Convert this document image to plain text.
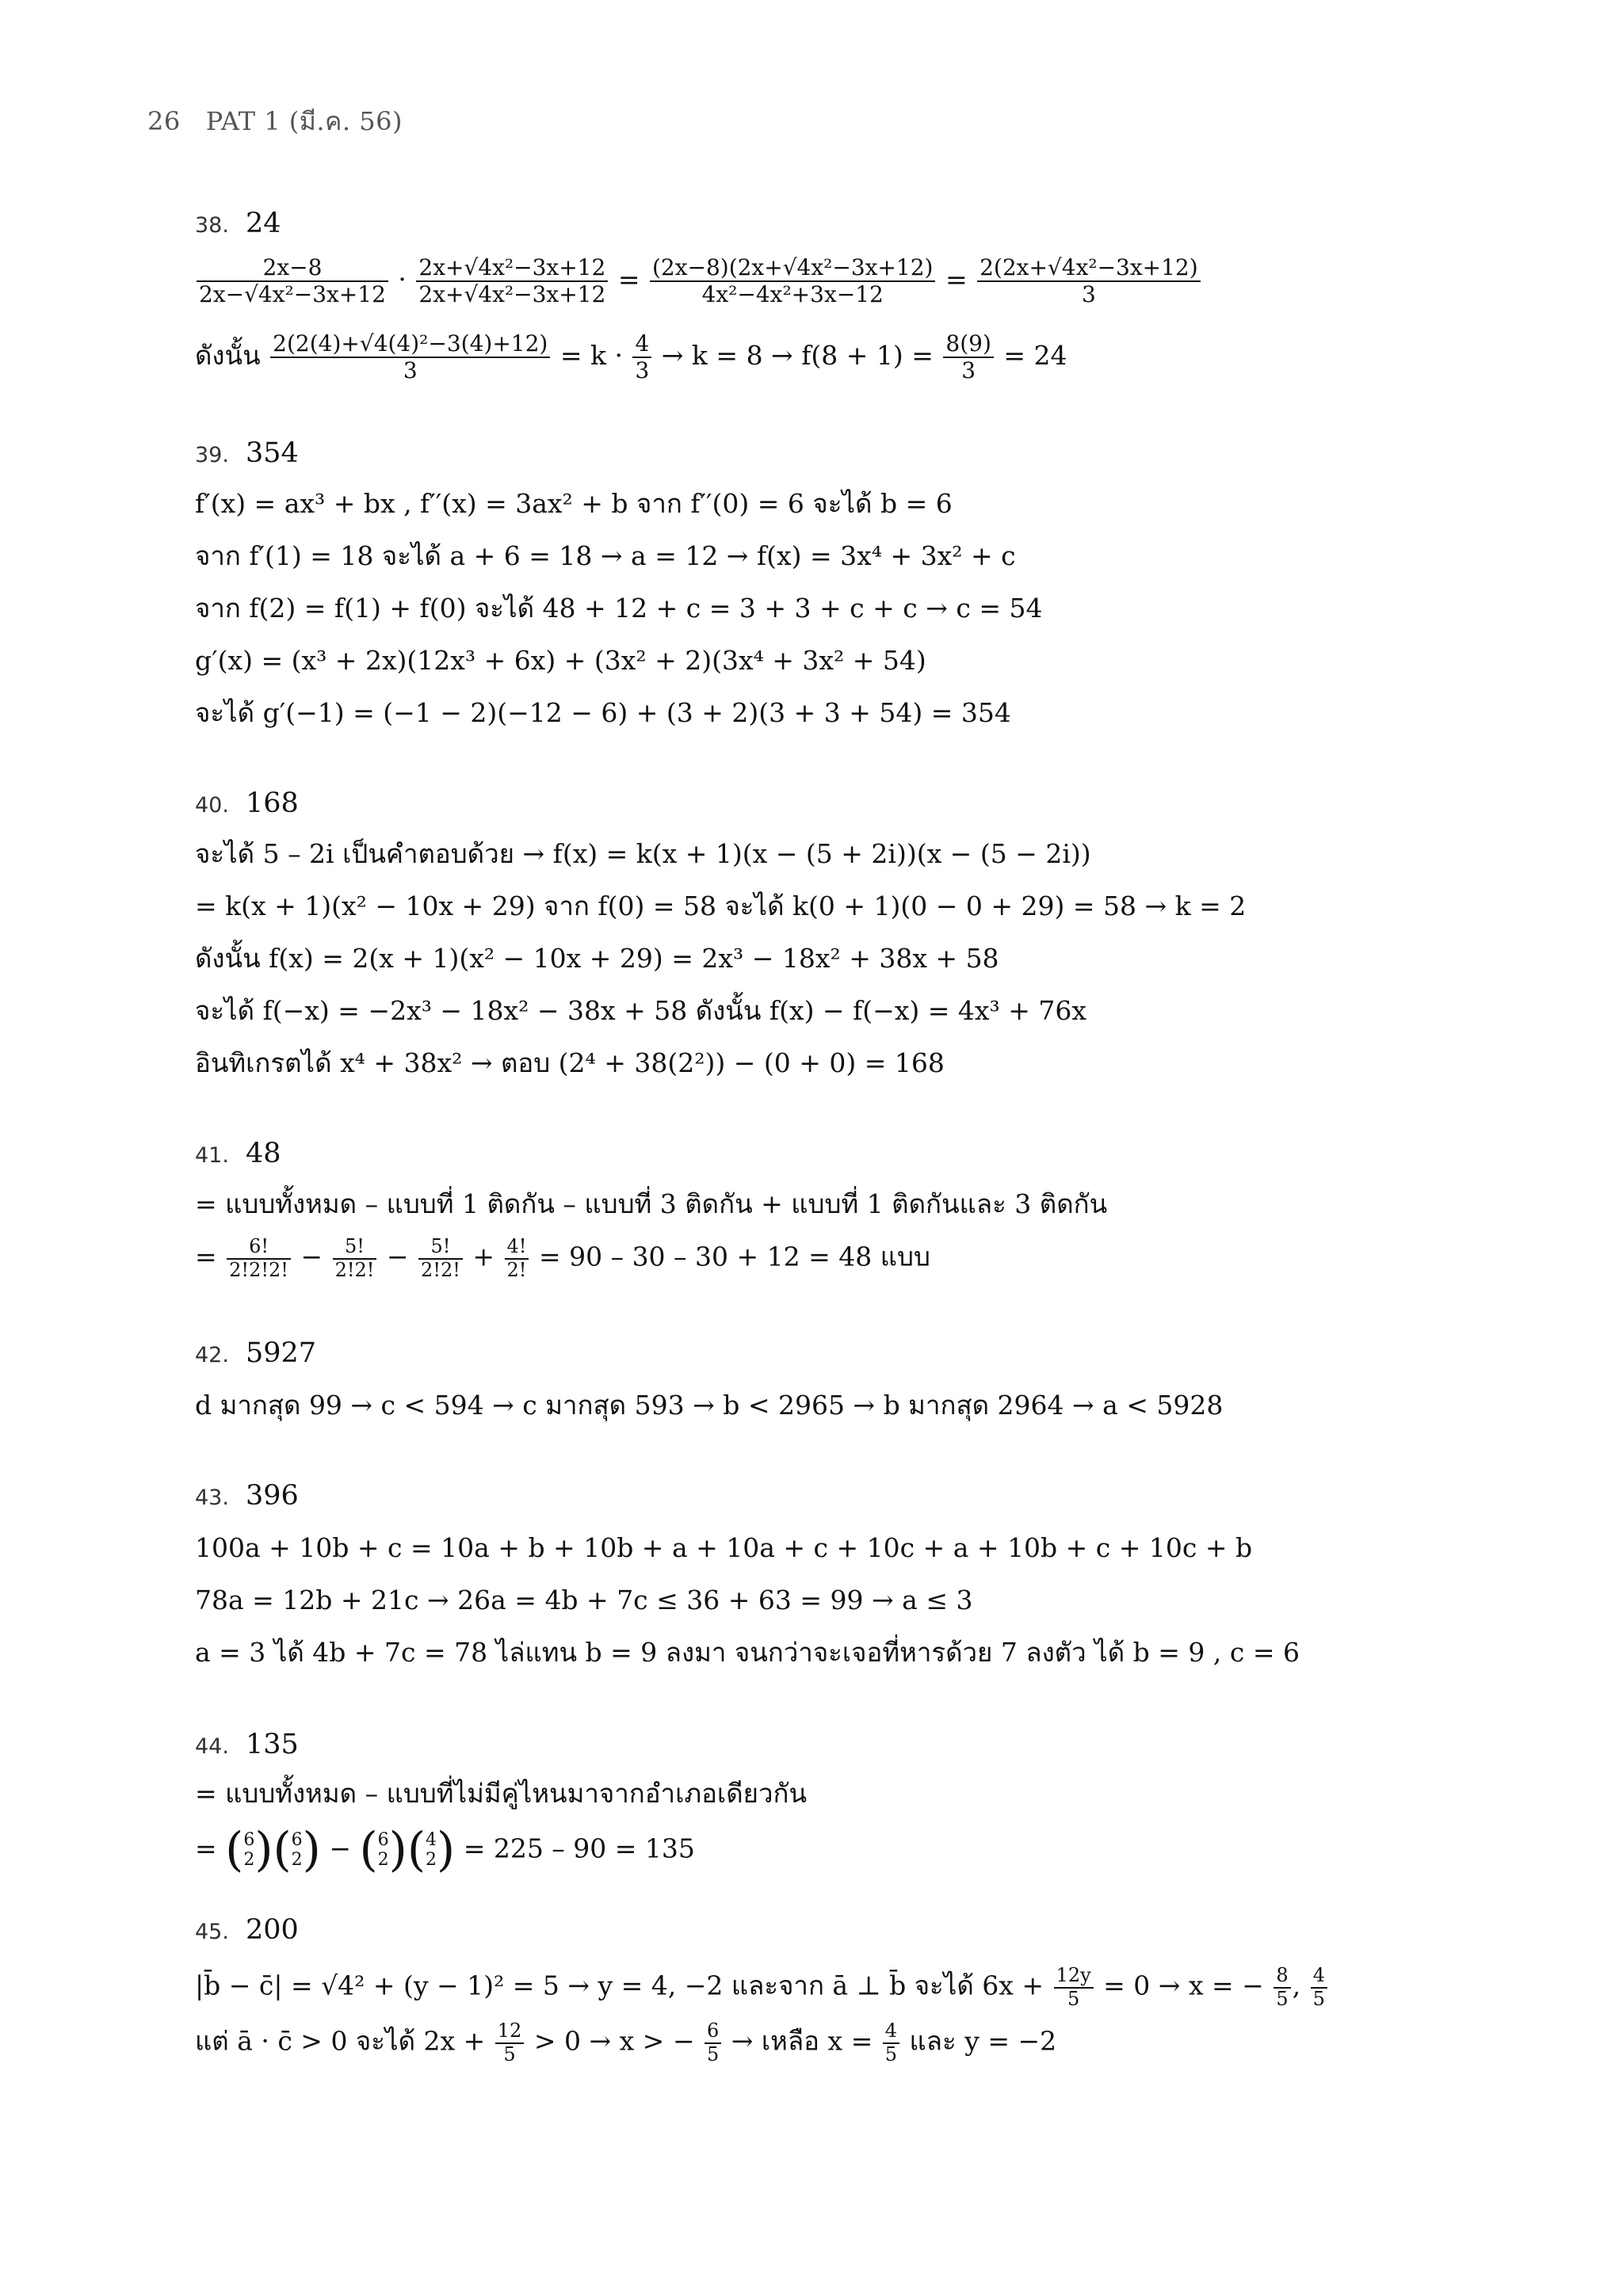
26 PAT 1 (มี.ค. 56)
38. 24
$\frac{2x-8}{\text{2x−√4x²−3x+12}} \cdot \frac{\text{2x+√4x²−3x+12}}{\text{2x+√4x²−3x+12}} = \frac{\text{(2x−8)(2x+√4x²−3x+12)}}{\text{4x²−4x²+3x−12}} = \frac{\text{2(2x+√4x²−3x+12)}}{3}$
ดังนั้น $\frac{\text{2(2(4)+√4(4)²−3(4)+12)}}{3} = k \cdot \frac{4}{3} \to k = 8 \to f(8 + 1) = \frac{8(9)}{3} = 24$
39. 354
f′(x) = ax³ + bx , f′′(x) = 3ax² + b จาก f′′(0) = 6 จะได้ b = 6
จาก f′(1) = 18 จะได้ a + 6 = 18 → a = 12 → f(x) = 3x⁴ + 3x² + c
จาก f(2) = f(1) + f(0) จะได้ 48 + 12 + c = 3 + 3 + c + c → c = 54
g′(x) = (x³ + 2x)(12x³ + 6x) + (3x² + 2)(3x⁴ + 3x² + 54)
จะได้ g′(−1) = (−1 − 2)(−12 − 6) + (3 + 2)(3 + 3 + 54) = 354
40. 168
จะได้ 5 – 2i เป็นคำตอบด้วย → f(x) = k(x + 1)(x − (5 + 2i))(x − (5 − 2i))
= k(x + 1)(x² − 10x + 29) จาก f(0) = 58 จะได้ k(0 + 1)(0 − 0 + 29) = 58 → k = 2
ดังนั้น f(x) = 2(x + 1)(x² − 10x + 29) = 2x³ − 18x² + 38x + 58
จะได้ f(−x) = −2x³ − 18x² − 38x + 58 ดังนั้น f(x) − f(−x) = 4x³ + 76x
อินทิเกรตได้ x⁴ + 38x² → ตอบ (2⁴ + 38(2²)) − (0 + 0) = 168
41. 48
= แบบทั้งหมด – แบบที่ 1 ติดกัน – แบบที่ 3 ติดกัน + แบบที่ 1 ติดกันและ 3 ติดกัน
= $\frac{6!}{2!2!2!} - \frac{5!}{2!2!} - \frac{5!}{2!2!} + \frac{4!}{2!} = 90 - 30 - 30 + 12 = 48$ แบบ
42. 5927
d มากสุด 99 → c < 594 → c มากสุด 593 → b < 2965 → b มากสุด 2964 → a < 5928
43. 396
100a + 10b + c = 10a + b + 10b + a + 10a + c + 10c + a + 10b + c + 10c + b
78a = 12b + 21c → 26a = 4b + 7c ≤ 36 + 63 = 99 → a ≤ 3
a = 3 ได้ 4b + 7c = 78 ไล่แทน b = 9 ลงมา จนกว่าจะเจอที่หารด้วย 7 ลงตัว ได้ b = 9 , c = 6
44. 135
= แบบทั้งหมด – แบบที่ไม่มีคู่ไหนมาจากอำเภอเดียวกัน
= ( 6
2 )( 6
2 ) − ( 6
2 )( 4
2 ) = 225 – 90 = 135
45. 200
|b̄ − c̄| = √4² + (y − 1)² = 5 → y = 4, −2 และจาก ā ⊥ b̄ จะได้ $6x + \frac{12y}{5} = 0 \to x$ = − $\frac{8}{5}$ , $\frac{4}{5}$
แต่ ā · c̄ > 0 จะได้ $2x + \frac{12}{5} > 0 \to x$ > − $\frac{6}{5}$ → เหลือ $x = \frac{4}{5}$ และ y = −2
